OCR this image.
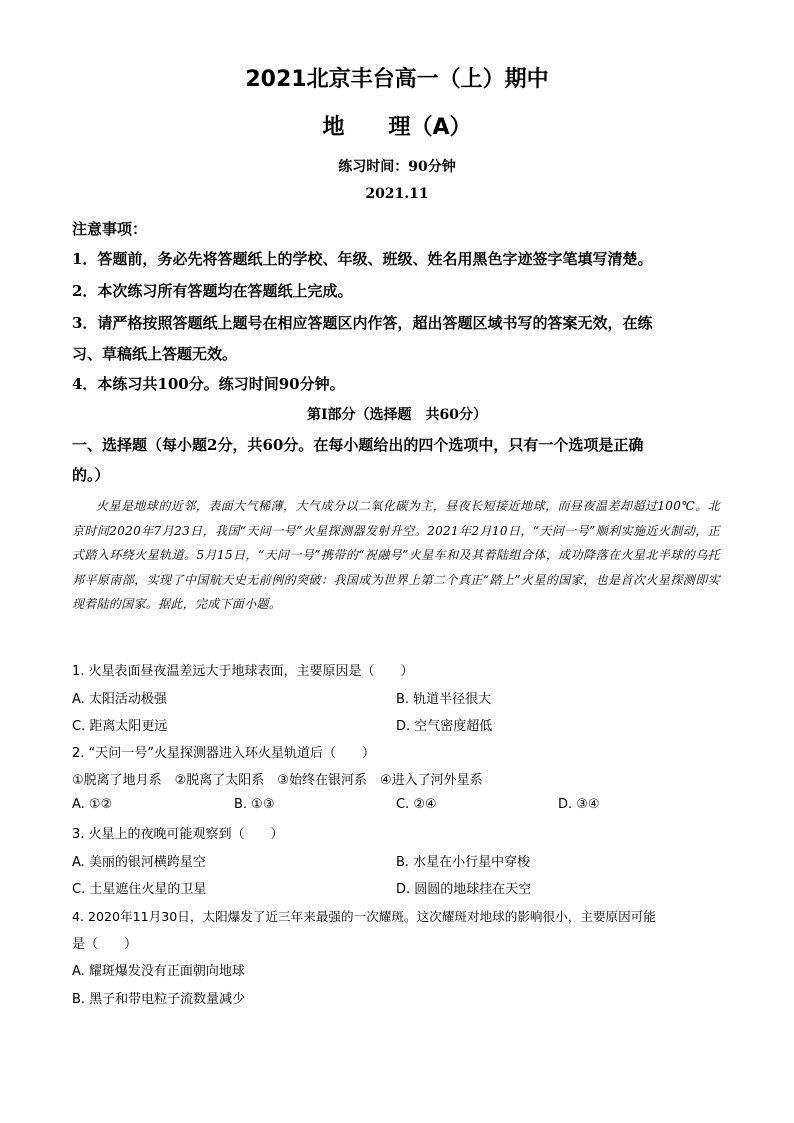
2021北京丰台高一（上）期中
地　　理（A）
练习时间：90分钟
2021.11
注意事项：
1．答题前，务必先将答题纸上的学校、年级、班级、姓名用黑色字迹签字笔填写清楚。
2．本次练习所有答题均在答题纸上完成。
3．请严格按照答题纸上题号在相应答题区内作答，超出答题区域书写的答案无效，在练
习、草稿纸上答题无效。
4．本练习共100分。练习时间90分钟。
第Ⅰ部分（选择题　共60分）
一、选择题（每小题2分，共60分。在每小题给出的四个选项中，只有一个选项是正确
的。）
火星是地球的近邻，表面大气稀薄，大气成分以二氧化碳为主，昼夜长短接近地球，而昼夜温差却超过100℃。北京时间2020年7月23日，我国“天问一号”火星探测器发射升空。2021年2月10日，“天问一号”顺利实施近火制动，正式踏入环绕火星轨道。5月15日，“天问一号”携带的“祝融号”火星车和及其着陆组合体，成功降落在火星北半球的乌托邦平原南部，实现了中国航天史无前例的突破：我国成为世界上第二个真正“踏上”火星的国家，也是首次火星探测即实现着陆的国家。据此，完成下面小题。
1. 火星表面昼夜温差远大于地球表面，主要原因是（　　）
A. 太阳活动极强	B. 轨道半径很大
C. 距离太阳更远	D. 空气密度超低
2. “天问一号”火星探测器进入环火星轨道后（　　）
①脱离了地月系　②脱离了太阳系　③始终在银河系　④进入了河外星系
A. ①②	B. ①③	C. ②④	D. ③④
3. 火星上的夜晚可能观察到（　　）
A. 美丽的银河横跨星空	B. 水星在小行星中穿梭
C. 土星遮住火星的卫星	D. 圆圆的地球挂在天空
4. 2020年11月30日，太阳爆发了近三年来最强的一次耀斑。这次耀斑对地球的影响很小，主要原因可能
是（　　）
A. 耀斑爆发没有正面朝向地球
B. 黑子和带电粒子流数量减少
